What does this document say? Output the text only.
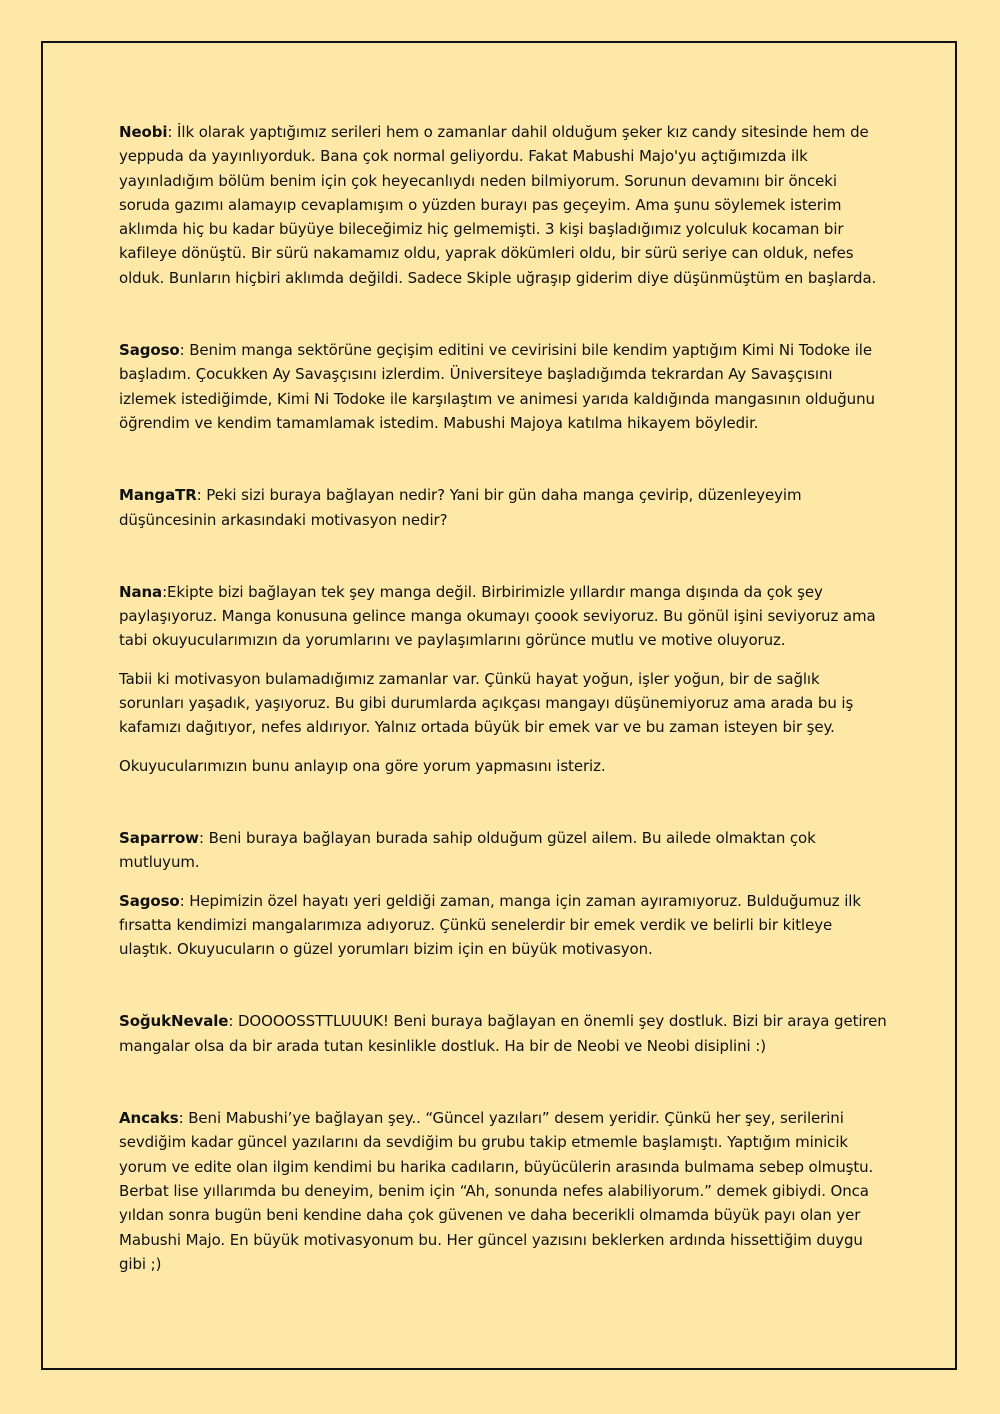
Neobi: İlk olarak yaptığımız serileri hem o zamanlar dahil olduğum şeker kız candy sitesinde hem de yeppuda da yayınlıyorduk. Bana çok normal geliyordu. Fakat Mabushi Majo'yu açtığımızda ilk yayınladığım bölüm benim için çok heyecanlıydı neden bilmiyorum. Sorunun devamını bir önceki soruda gazımı alamayıp cevaplamışım o yüzden burayı pas geçeyim. Ama şunu söylemek isterim aklımda hiç bu kadar büyüye bileceğimiz hiç gelmemişti. 3 kişi başladığımız yolculuk kocaman bir kafileye dönüştü. Bir sürü nakamamız oldu, yaprak dökümleri oldu, bir sürü seriye can olduk, nefes olduk. Bunların hiçbiri aklımda değildi. Sadece Skiple uğraşıp giderim diye düşünmüştüm en başlarda.

Sagoso: Benim manga sektörüne geçişim editini ve cevirisini bile kendim yaptığım Kimi Ni Todoke ile başladım. Çocukken Ay Savaşçısını izlerdim. Üniversiteye başladığımda tekrardan Ay Savaşçısını izlemek istediğimde, Kimi Ni Todoke ile karşılaştım ve animesi yarıda kaldığında mangasının olduğunu öğrendim ve kendim tamamlamak istedim. Mabushi Majoya katılma hikayem böyledir.

MangaTR: Peki sizi buraya bağlayan nedir? Yani bir gün daha manga çevirip, düzenleyeyim düşüncesinin arkasındaki motivasyon nedir?

Nana:Ekipte bizi bağlayan tek şey manga değil. Birbirimizle yıllardır manga dışında da çok şey paylaşıyoruz. Manga konusuna gelince manga okumayı çoook seviyoruz. Bu gönül işini seviyoruz ama tabi okuyucularımızın da yorumlarını ve paylaşımlarını görünce mutlu ve motive oluyoruz.

Tabii ki motivasyon bulamadığımız zamanlar var. Çünkü hayat yoğun, işler yoğun, bir de sağlık sorunları yaşadık, yaşıyoruz. Bu gibi durumlarda açıkçası mangayı düşünemiyoruz ama arada bu iş kafamızı dağıtıyor, nefes aldırıyor. Yalnız ortada büyük bir emek var ve bu zaman isteyen bir şey.

Okuyucularımızın bunu anlayıp ona göre yorum yapmasını isteriz.

Saparrow: Beni buraya bağlayan burada sahip olduğum güzel ailem. Bu ailede olmaktan çok mutluyum.

Sagoso: Hepimizin özel hayatı yeri geldiği zaman, manga için zaman ayıramıyoruz. Bulduğumuz ilk fırsatta kendimizi mangalarımıza adıyoruz. Çünkü senelerdir bir emek verdik ve belirli bir kitleye ulaştık. Okuyucuların o güzel yorumları bizim için en büyük motivasyon.

SoğukNevale: DOOOOSSTTLUUUK! Beni buraya bağlayan en önemli şey dostluk. Bizi bir araya getiren mangalar olsa da bir arada tutan kesinlikle dostluk. Ha bir de Neobi ve Neobi disiplini :)

Ancaks: Beni Mabushi’ye bağlayan şey.. “Güncel yazıları” desem yeridir. Çünkü her şey, serilerini sevdiğim kadar güncel yazılarını da sevdiğim bu grubu takip etmemle başlamıştı. Yaptığım minicik yorum ve edite olan ilgim kendimi bu harika cadıların, büyücülerin arasında bulmama sebep olmuştu. Berbat lise yıllarımda bu deneyim, benim için “Ah, sonunda nefes alabiliyorum.” demek gibiydi. Onca yıldan sonra bugün beni kendine daha çok güvenen ve daha becerikli olmamda büyük payı olan yer Mabushi Majo. En büyük motivasyonum bu. Her güncel yazısını beklerken ardında hissettiğim duygu gibi ;)
